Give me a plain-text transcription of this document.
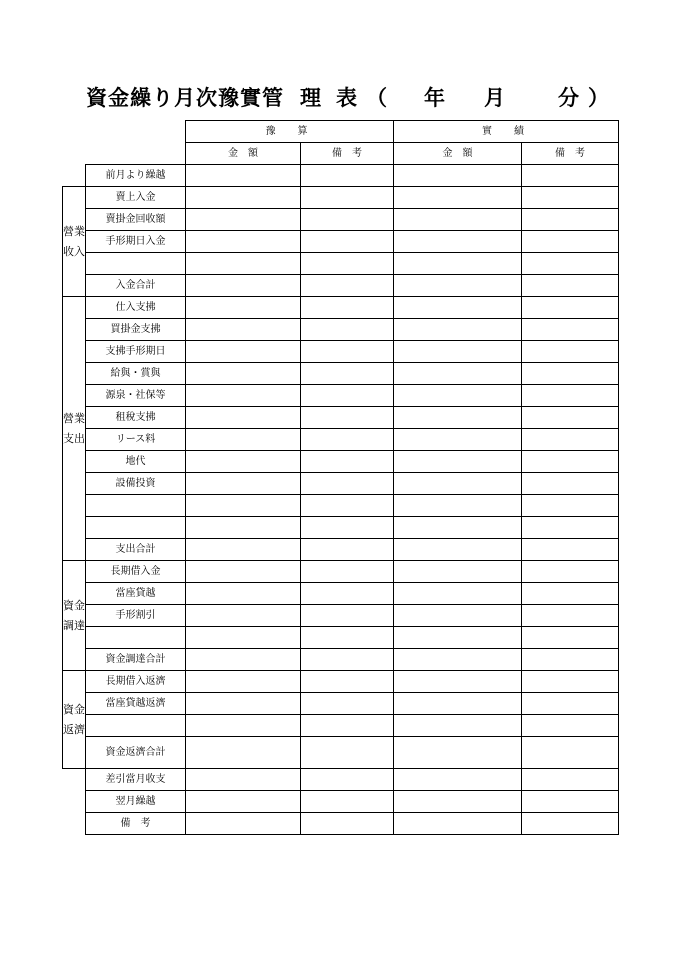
資金繰り月次豫實管 理 表 （ 年 月	分 ）
		豫　算		實　績	
		金　額	備　考	金　額	備　考
	前月より繰越				
營業收入	賣上入金				
	賣掛金回收額				
	手形期日入金				

	入金合計				
營業支出	仕入支拂				
	買掛金支拂				
	支拂手形期日				
	給與・賞與				
	源泉・社保等				
	租稅支拂				
	リース料				
	地代				
	設備投資				

	支出合計				
資金調達	長期借入金				
	當座貸越				
	手形割引				

	資金調達合計				
資金返濟	長期借入返濟				
	當座貸越返濟				

	資金返濟合計				
	差引當月收支				
	翌月繰越				
	備　考				
